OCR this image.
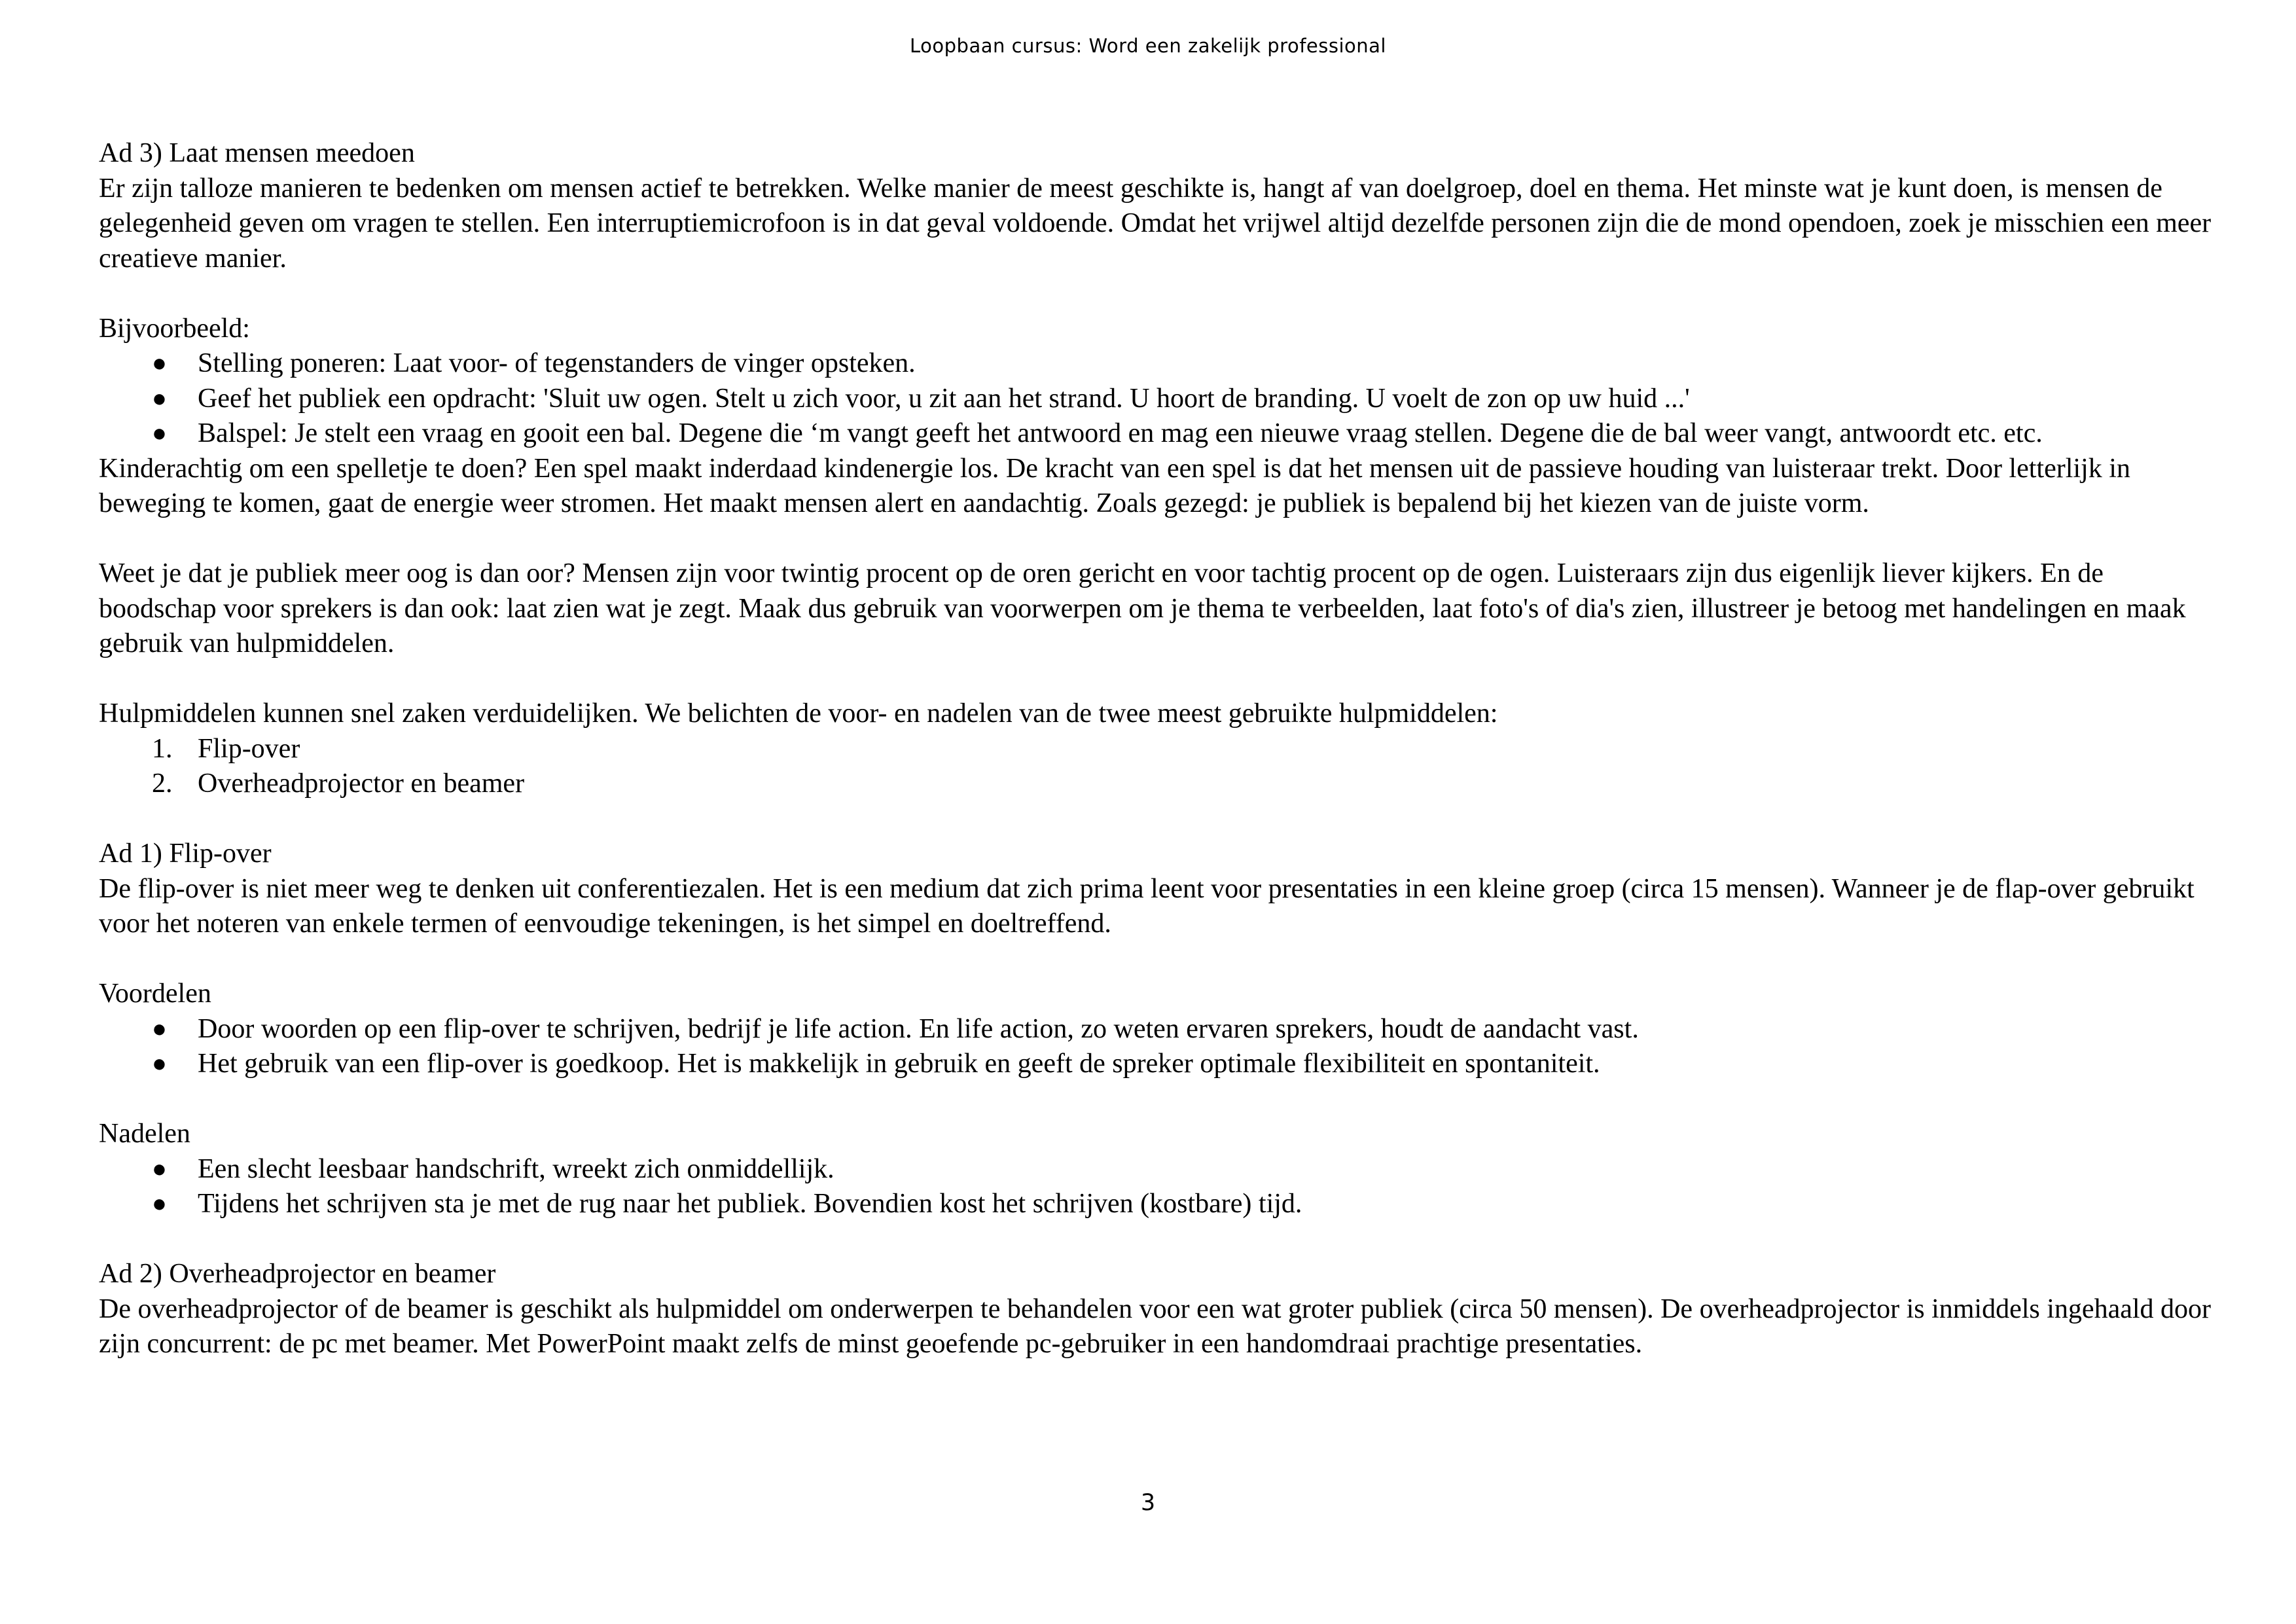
Loopbaan cursus: Word een zakelijk professional

Ad 3) Laat mensen meedoen

Er zijn talloze manieren te bedenken om mensen actief te betrekken. Welke manier de meest geschikte is, hangt af van doelgroep, doel en thema. Het minste wat je kunt doen, is mensen de gelegenheid geven om vragen te stellen. Een interruptiemicrofoon is in dat geval voldoende. Omdat het vrijwel altijd dezelfde personen zijn die de mond opendoen, zoek je misschien een meer creatieve manier.

Bijvoorbeeld:

● Stelling poneren: Laat voor- of tegenstanders de vinger opsteken.
● Geef het publiek een opdracht: 'Sluit uw ogen. Stelt u zich voor, u zit aan het strand. U hoort de branding. U voelt de zon op uw huid ...'
● Balspel: Je stelt een vraag en gooit een bal. Degene die ‘m vangt geeft het antwoord en mag een nieuwe vraag stellen. Degene die de bal weer vangt, antwoordt etc. etc.

Kinderachtig om een spelletje te doen? Een spel maakt inderdaad kindenergie los. De kracht van een spel is dat het mensen uit de passieve houding van luisteraar trekt. Door letterlijk in beweging te komen, gaat de energie weer stromen. Het maakt mensen alert en aandachtig. Zoals gezegd: je publiek is bepalend bij het kiezen van de juiste vorm.

Weet je dat je publiek meer oog is dan oor? Mensen zijn voor twintig procent op de oren gericht en voor tachtig procent op de ogen. Luisteraars zijn dus eigenlijk liever kijkers. En de boodschap voor sprekers is dan ook: laat zien wat je zegt. Maak dus gebruik van voorwerpen om je thema te verbeelden, laat foto's of dia's zien, illustreer je betoog met handelingen en maak gebruik van hulpmiddelen.

Hulpmiddelen kunnen snel zaken verduidelijken. We belichten de voor- en nadelen van de twee meest gebruikte hulpmiddelen:

1. Flip-over
2. Overheadprojector en beamer

Ad 1) Flip-over

De flip-over is niet meer weg te denken uit conferentiezalen. Het is een medium dat zich prima leent voor presentaties in een kleine groep (circa 15 mensen). Wanneer je de flap-over gebruikt voor het noteren van enkele termen of eenvoudige tekeningen, is het simpel en doeltreffend.

Voordelen

● Door woorden op een flip-over te schrijven, bedrijf je life action. En life action, zo weten ervaren sprekers, houdt de aandacht vast.
● Het gebruik van een flip-over is goedkoop. Het is makkelijk in gebruik en geeft de spreker optimale flexibiliteit en spontaniteit.

Nadelen

● Een slecht leesbaar handschrift, wreekt zich onmiddellijk.
● Tijdens het schrijven sta je met de rug naar het publiek. Bovendien kost het schrijven (kostbare) tijd.

Ad 2) Overheadprojector en beamer

De overheadprojector of de beamer is geschikt als hulpmiddel om onderwerpen te behandelen voor een wat groter publiek (circa 50 mensen). De overheadprojector is inmiddels ingehaald door zijn concurrent: de pc met beamer. Met PowerPoint maakt zelfs de minst geoefende pc-gebruiker in een handomdraai prachtige presentaties.

3
